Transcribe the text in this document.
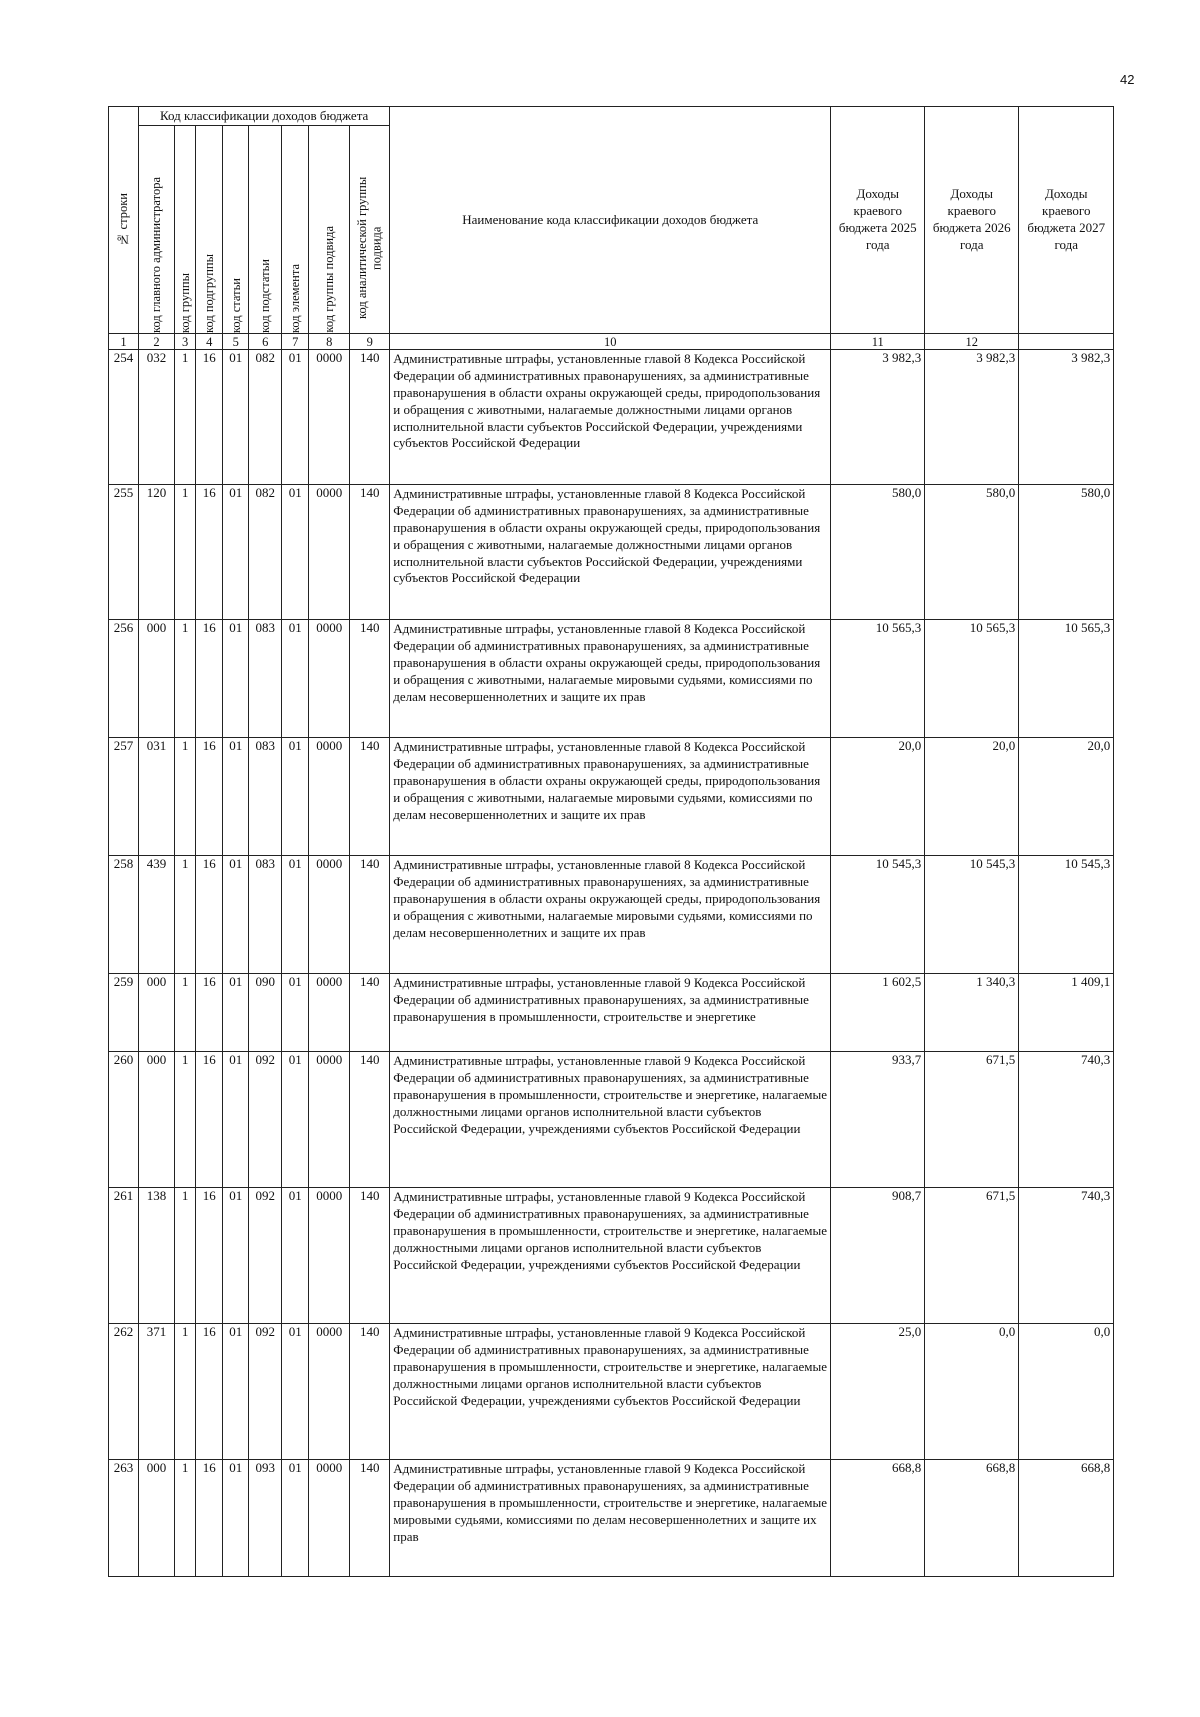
42
№ строки	Код классификации доходов бюджета								Наименование кода классификации доходов бюджета	Доходы краевого бюджета 2025 года	Доходы краевого бюджета 2026 года	Доходы краевого бюджета 2027 года

	код главного администратора	код группы	код подгруппы	код статьи	код подстатьи	код элемента	код группы подвида	код аналитической группы подвида				

1	2	3	4	5	6	7	8	9	10	11	12	
254	032	1	16	01	082	01	0000	140	Административные штрафы, установленные главой 8 Кодекса Российской Федерации об административных правонарушениях, за административные правонарушения в области охраны окружающей среды, природопользования и обращения с животными, налагаемые должностными лицами органов исполнительной власти субъектов Российской Федерации, учреждениями субъектов Российской Федерации	3 982,3	3 982,3	3 982,3
255	120	1	16	01	082	01	0000	140	Административные штрафы, установленные главой 8 Кодекса Российской Федерации об административных правонарушениях, за административные правонарушения в области охраны окружающей среды, природопользования и обращения с животными, налагаемые должностными лицами органов исполнительной власти субъектов Российской Федерации, учреждениями субъектов Российской Федерации	580,0	580,0	580,0
256	000	1	16	01	083	01	0000	140	Административные штрафы, установленные главой 8 Кодекса Российской Федерации об административных правонарушениях, за административные правонарушения в области охраны окружающей среды, природопользования и обращения с животными, налагаемые мировыми судьями, комиссиями по делам несовершеннолетних и защите их прав	10 565,3	10 565,3	10 565,3
257	031	1	16	01	083	01	0000	140	Административные штрафы, установленные главой 8 Кодекса Российской Федерации об административных правонарушениях, за административные правонарушения в области охраны окружающей среды, природопользования и обращения с животными, налагаемые мировыми судьями, комиссиями по делам несовершеннолетних и защите их прав	20,0	20,0	20,0
258	439	1	16	01	083	01	0000	140	Административные штрафы, установленные главой 8 Кодекса Российской Федерации об административных правонарушениях, за административные правонарушения в области охраны окружающей среды, природопользования и обращения с животными, налагаемые мировыми судьями, комиссиями по делам несовершеннолетних и защите их прав	10 545,3	10 545,3	10 545,3
259	000	1	16	01	090	01	0000	140	Административные штрафы, установленные главой 9 Кодекса Российской Федерации об административных правонарушениях, за административные правонарушения в промышленности, строительстве и энергетике	1 602,5	1 340,3	1 409,1
260	000	1	16	01	092	01	0000	140	Административные штрафы, установленные главой 9 Кодекса Российской Федерации об административных правонарушениях, за административные правонарушения в промышленности, строительстве и энергетике, налагаемые должностными лицами органов исполнительной власти субъектов Российской Федерации, учреждениями субъектов Российской Федерации	933,7	671,5	740,3
261	138	1	16	01	092	01	0000	140	Административные штрафы, установленные главой 9 Кодекса Российской Федерации об административных правонарушениях, за административные правонарушения в промышленности, строительстве и энергетике, налагаемые должностными лицами органов исполнительной власти субъектов Российской Федерации, учреждениями субъектов Российской Федерации	908,7	671,5	740,3
262	371	1	16	01	092	01	0000	140	Административные штрафы, установленные главой 9 Кодекса Российской Федерации об административных правонарушениях, за административные правонарушения в промышленности, строительстве и энергетике, налагаемые должностными лицами органов исполнительной власти субъектов Российской Федерации, учреждениями субъектов Российской Федерации	25,0	0,0	0,0
263	000	1	16	01	093	01	0000	140	Административные штрафы, установленные главой 9 Кодекса Российской Федерации об административных правонарушениях, за административные правонарушения в промышленности, строительстве и энергетике, налагаемые мировыми судьями, комиссиями по делам несовершеннолетних и защите их прав	668,8	668,8	668,8
